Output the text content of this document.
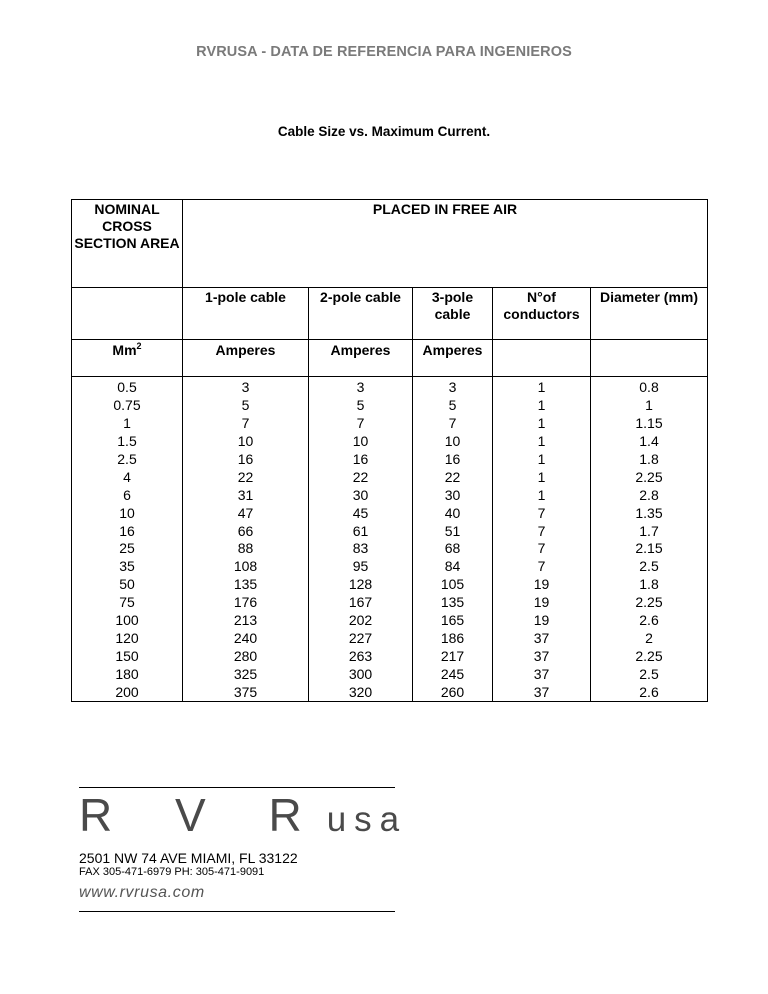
RVRUSA - DATA DE REFERENCIA PARA INGENIEROS
Cable Size vs. Maximum Current.
NOMINAL CROSS SECTION AREA	PLACED IN FREE AIR				
	1-pole cable	2-pole cable	3-pole cable	N°of conductors	Diameter (mm)
Mm$^2$	Amperes	Amperes	Amperes		
0.5	3	3	3	1	0.8
0.75	5	5	5	1	1
1	7	7	7	1	1.15
1.5	10	10	10	1	1.4
2.5	16	16	16	1	1.8
4	22	22	22	1	2.25
6	31	30	30	1	2.8
10	47	45	40	7	1.35
16	66	61	51	7	1.7
25	88	83	68	7	2.15
35	108	95	84	7	2.5
50	135	128	105	19	1.8
75	176	167	135	19	2.25
100	213	202	165	19	2.6
120	240	227	186	37	2
150	280	263	217	37	2.25
180	325	300	245	37	2.5
200	375	320	260	37	2.6
R V Rusa
2501 NW 74 AVE MIAMI, FL 33122
FAX 305-471-6979 PH: 305-471-9091
www.rvrusa.com
